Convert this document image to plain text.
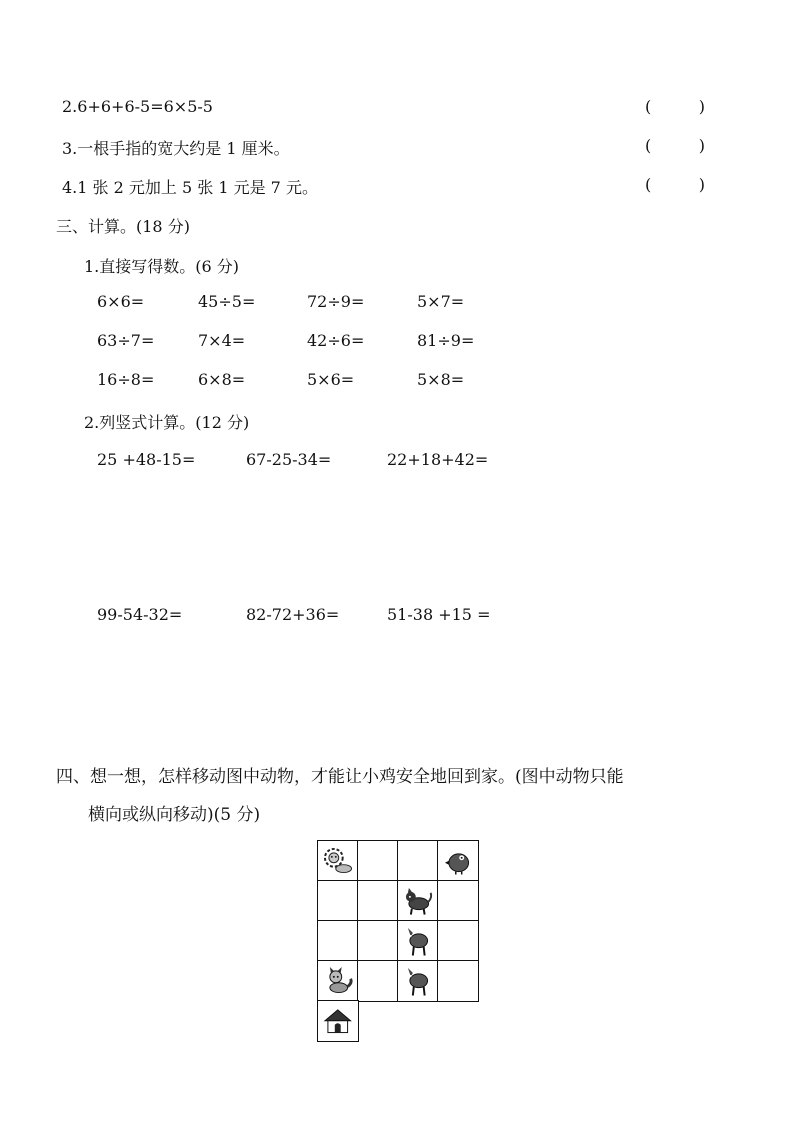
2.6+6+6-5=6×5-5	(	)
3.一根手指的宽大约是 1 厘米。	(	)
4.1 张 2 元加上 5 张 1 元是 7 元。	(	)
三、计算。(18 分)
1.直接写得数。(6 分)
6×6=	45÷5=	72÷9=	5×7=
63÷7=	7×4=	42÷6=	81÷9=
16÷8=	6×8=	5×6=	5×8=
2.列竖式计算。(12 分)
25 +48-15=	67-25-34=	22+18+42=
99-54-32=	82-72+36=	51-38 +15 =
四、想一想，怎样移动图中动物，才能让小鸡安全地回到家。(图中动物只能
横向或纵向移动)(5 分)
